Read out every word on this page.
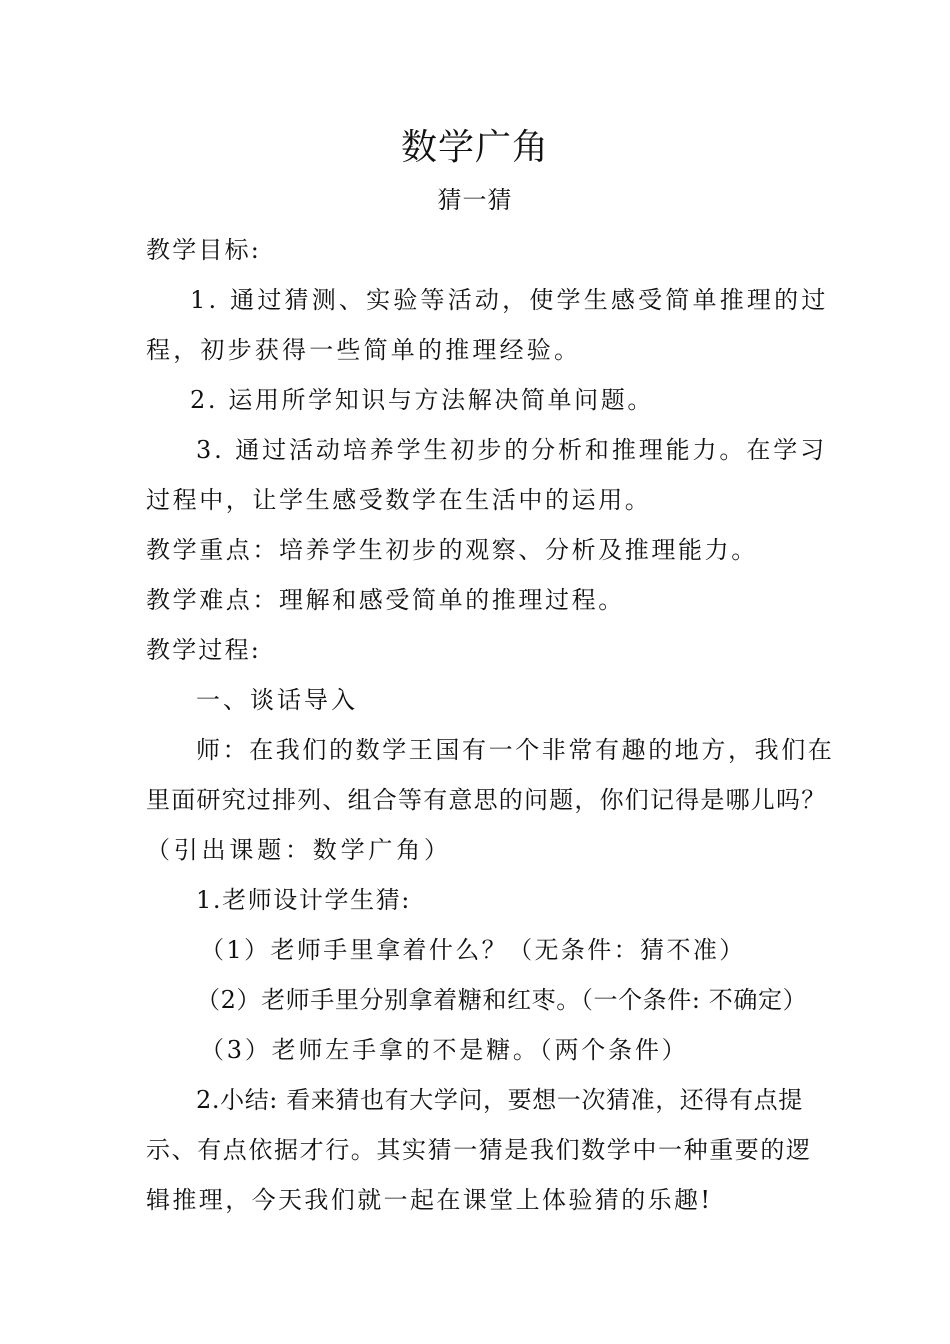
数学广角
猜一猜
教学目标:
1. 通过猜测、实验等活动，使学生感受简单推理的过
程，初步获得一些简单的推理经验。
2. 运用所学知识与方法解决简单问题。
3. 通过活动培养学生初步的分析和推理能力。在学习
过程中，让学生感受数学在生活中的运用。
教学重点：培养学生初步的观察、分析及推理能力。
教学难点：理解和感受简单的推理过程。
教学过程:
一、谈话导入
师：在我们的数学王国有一个非常有趣的地方，我们在
里面研究过排列、组合等有意思的问题，你们记得是哪儿吗？
（引出课题：数学广角）
1.老师设计学生猜:
（1）老师手里拿着什么？（无条件：猜不准）
（2）老师手里分别拿着糖和红枣。（一个条件: 不确定）
（3）老师左手拿的不是糖。（两个条件）
2.小结: 看来猜也有大学问，要想一次猜准，还得有点提
示、有点依据才行。其实猜一猜是我们数学中一种重要的逻
辑推理，今天我们就一起在课堂上体验猜的乐趣!
